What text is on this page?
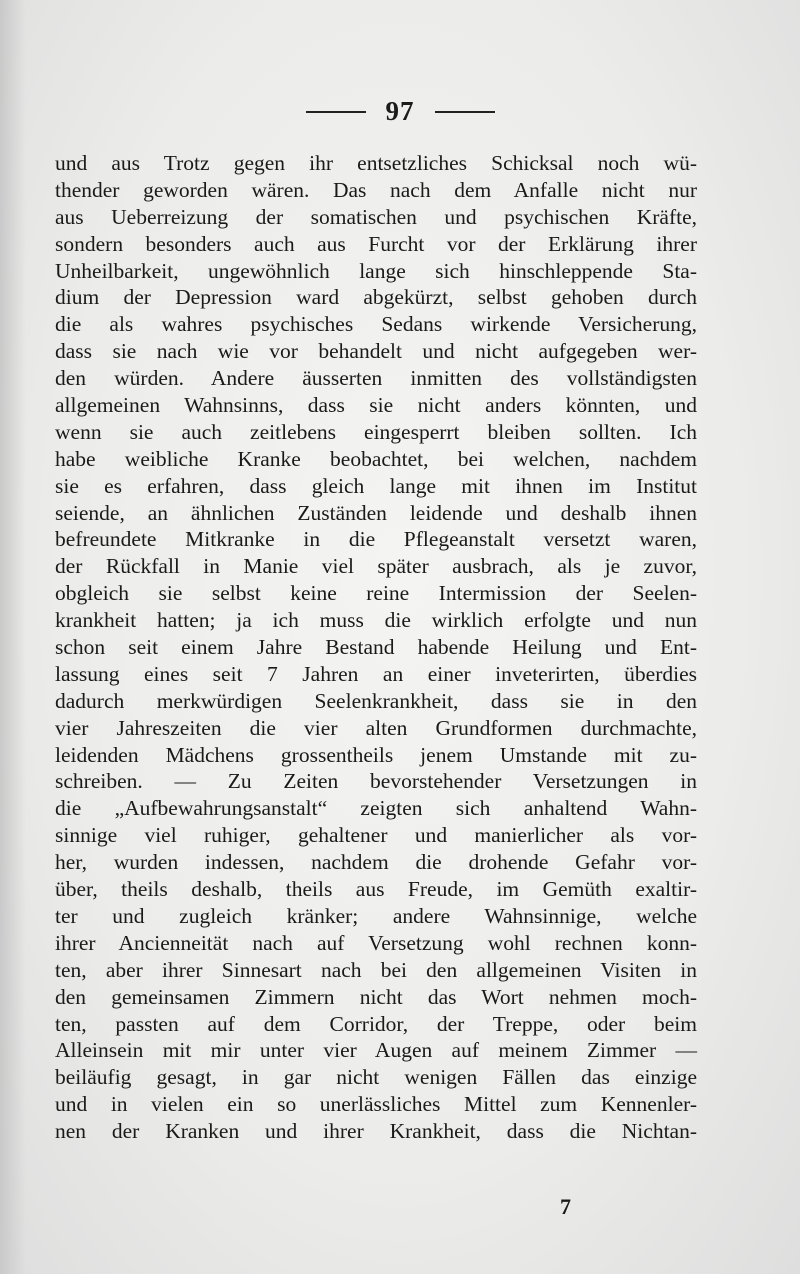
97
und aus Trotz gegen ihr entsetzliches Schicksal noch wü-
thender geworden wären. Das nach dem Anfalle nicht nur
aus Ueberreizung der somatischen und psychischen Kräfte,
sondern besonders auch aus Furcht vor der Erklärung ihrer
Unheilbarkeit, ungewöhnlich lange sich hinschleppende Sta-
dium der Depression ward abgekürzt, selbst gehoben durch
die als wahres psychisches Sedans wirkende Versicherung,
dass sie nach wie vor behandelt und nicht aufgegeben wer-
den würden. Andere äusserten inmitten des vollständigsten
allgemeinen Wahnsinns, dass sie nicht anders könnten, und
wenn sie auch zeitlebens eingesperrt bleiben sollten. Ich
habe weibliche Kranke beobachtet, bei welchen, nachdem
sie es erfahren, dass gleich lange mit ihnen im Institut
seiende, an ähnlichen Zuständen leidende und deshalb ihnen
befreundete Mitkranke in die Pflegeanstalt versetzt waren,
der Rückfall in Manie viel später ausbrach, als je zuvor,
obgleich sie selbst keine reine Intermission der Seelen-
krankheit hatten; ja ich muss die wirklich erfolgte und nun
schon seit einem Jahre Bestand habende Heilung und Ent-
lassung eines seit 7 Jahren an einer inveterirten, überdies
dadurch merkwürdigen Seelenkrankheit, dass sie in den
vier Jahreszeiten die vier alten Grundformen durchmachte,
leidenden Mädchens grossentheils jenem Umstande mit zu-
schreiben. — Zu Zeiten bevorstehender Versetzungen in
die „Aufbewahrungsanstalt“ zeigten sich anhaltend Wahn-
sinnige viel ruhiger, gehaltener und manierlicher als vor-
her, wurden indessen, nachdem die drohende Gefahr vor-
über, theils deshalb, theils aus Freude, im Gemüth exaltir-
ter und zugleich kränker; andere Wahnsinnige, welche
ihrer Ancienneität nach auf Versetzung wohl rechnen konn-
ten, aber ihrer Sinnesart nach bei den allgemeinen Visiten in
den gemeinsamen Zimmern nicht das Wort nehmen moch-
ten, passten auf dem Corridor, der Treppe, oder beim
Alleinsein mit mir unter vier Augen auf meinem Zimmer —
beiläufig gesagt, in gar nicht wenigen Fällen das einzige
und in vielen ein so unerlässliches Mittel zum Kennenler-
nen der Kranken und ihrer Krankheit, dass die Nichtan-
7
